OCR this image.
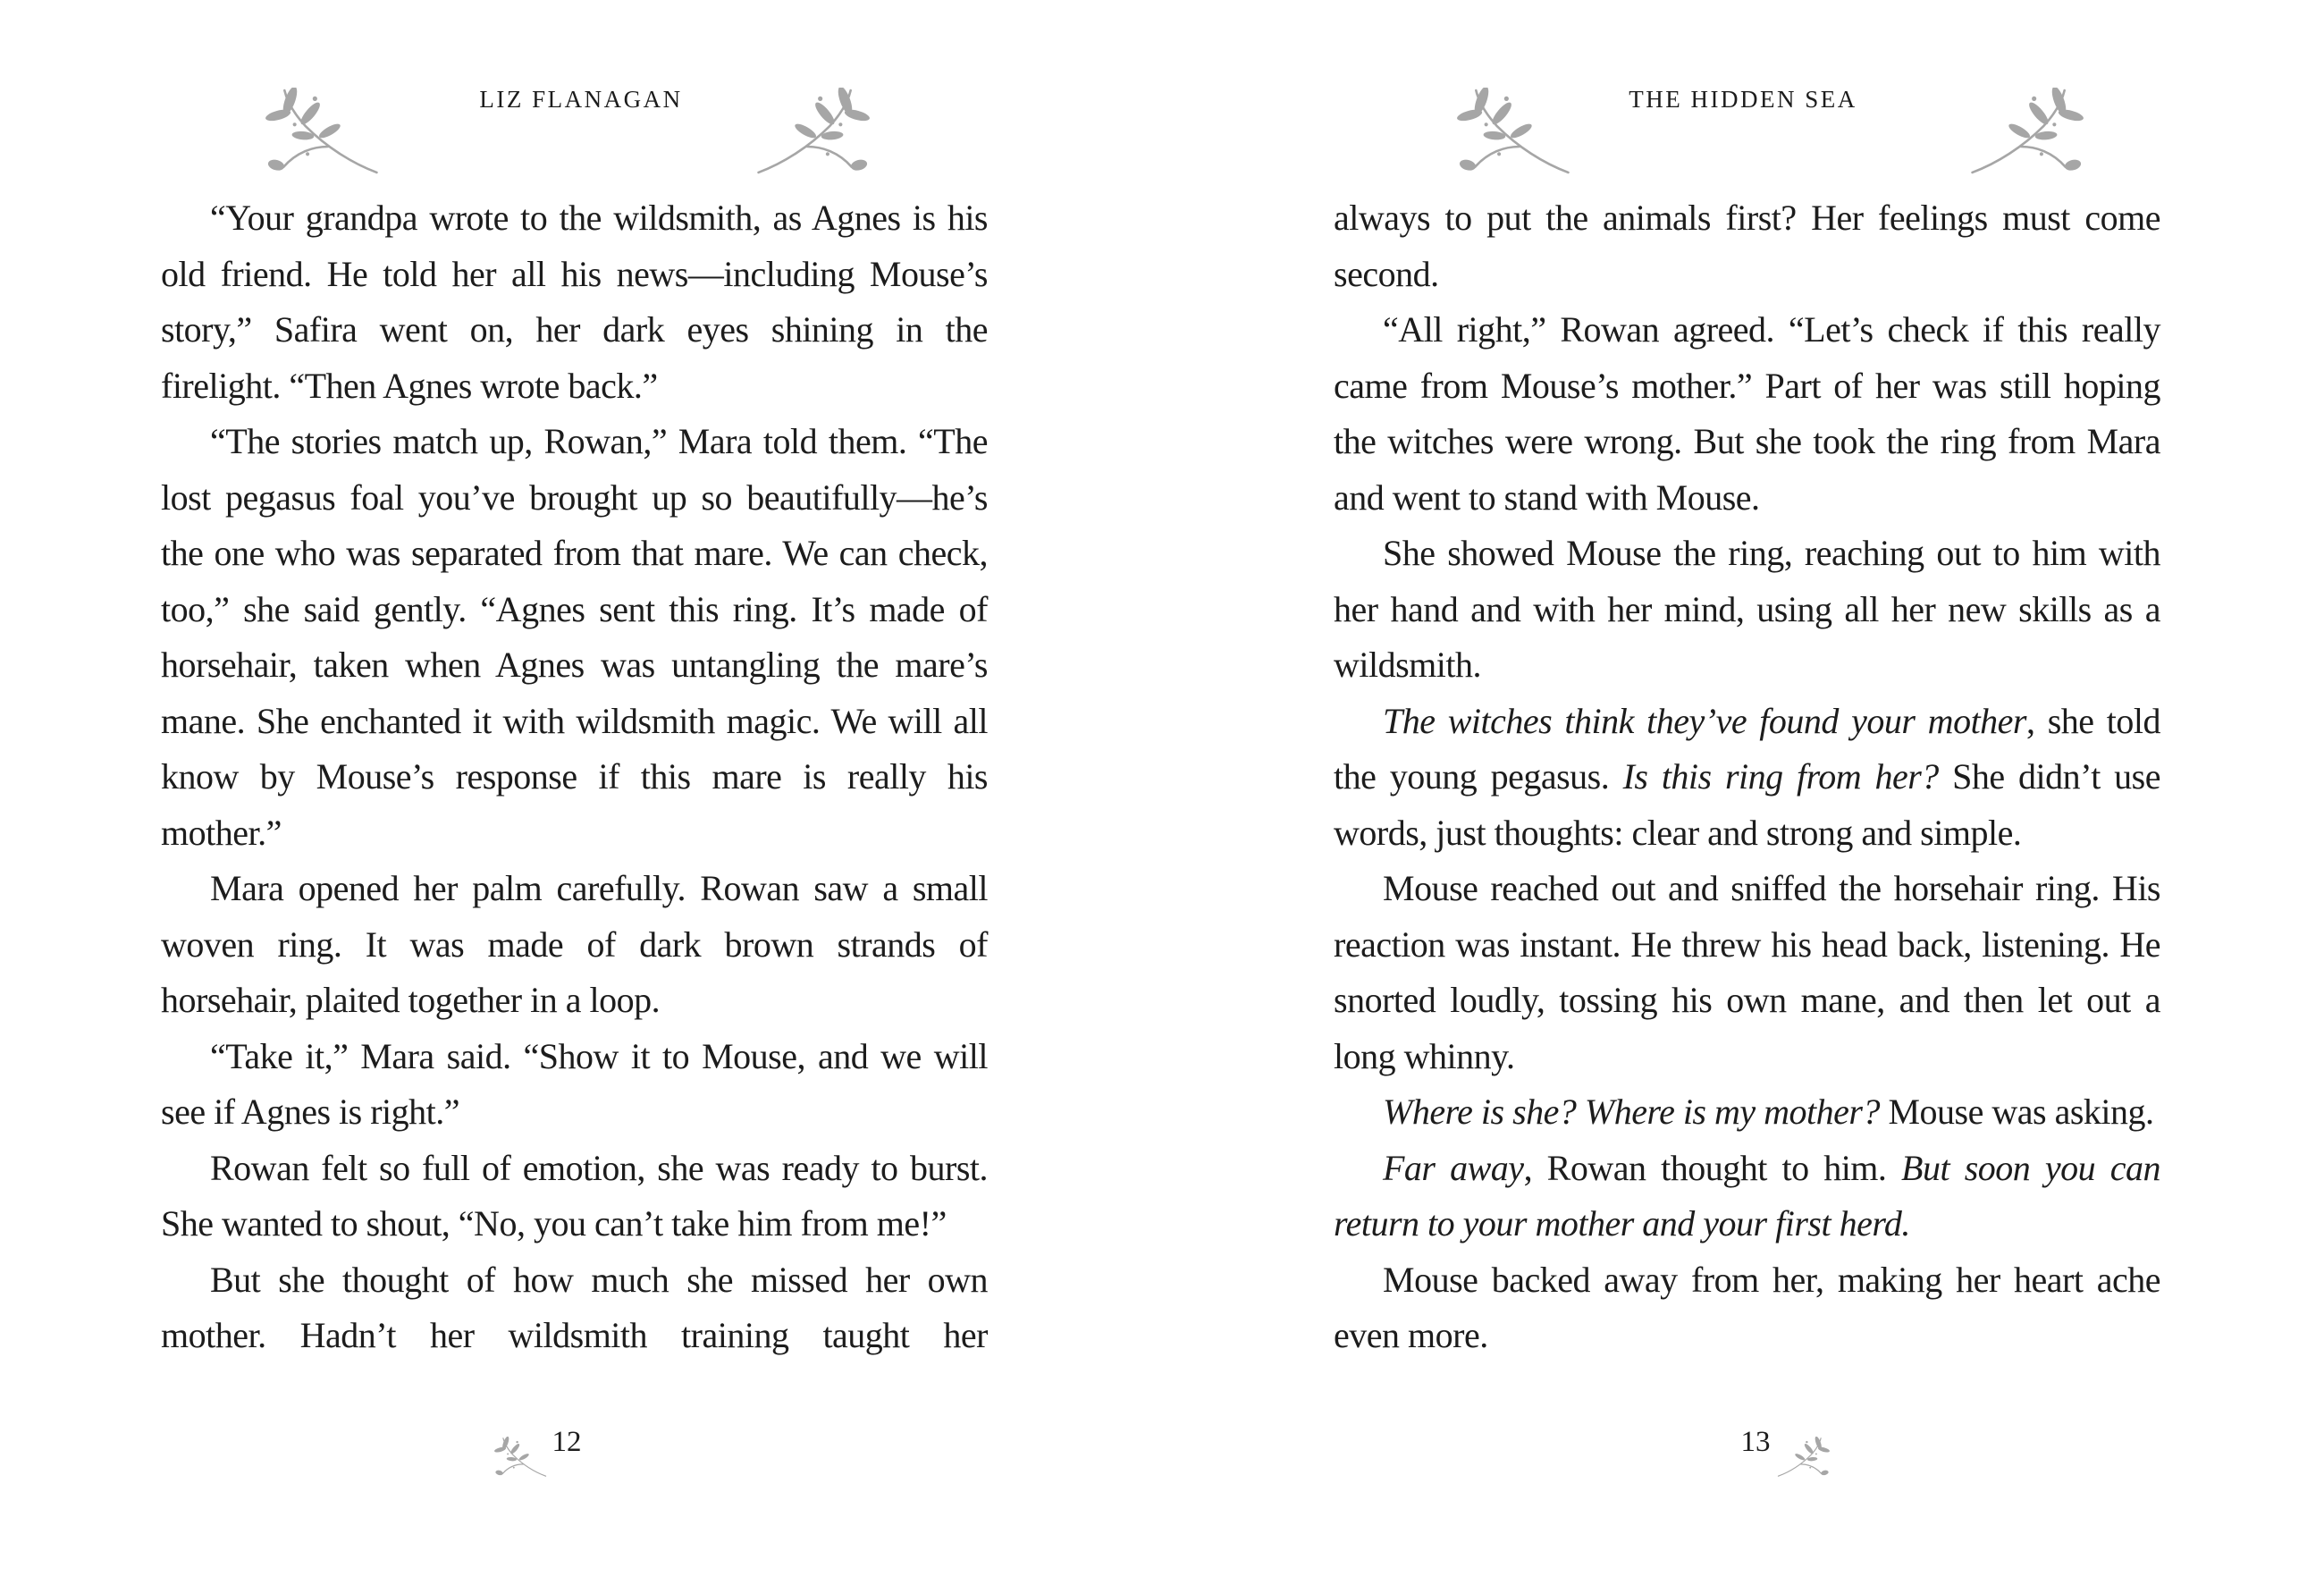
LIZ FLANAGAN

“Your grandpa wrote to the wildsmith, as Agnes is his old friend. He told her all his news—including Mouse’s story,” Safira went on, her dark eyes shining in the firelight. “Then Agnes wrote back.”

“The stories match up, Rowan,” Mara told them. “The lost pegasus foal you’ve brought up so beautifully—he’s the one who was separated from that mare. We can check, too,” she said gently. “Agnes sent this ring. It’s made of horsehair, taken when Agnes was untangling the mare’s mane. She enchanted it with wildsmith magic. We will all know by Mouse’s response if this mare is really his mother.”

Mara opened her palm carefully. Rowan saw a small woven ring. It was made of dark brown strands of horsehair, plaited together in a loop.

“Take it,” Mara said. “Show it to Mouse, and we will see if Agnes is right.”

Rowan felt so full of emotion, she was ready to burst. She wanted to shout, “No, you can’t take him from me!”

But she thought of how much she missed her own mother. Hadn’t her wildsmith training taught her

12
THE HIDDEN SEA

always to put the animals first? Her feelings must come second.

“All right,” Rowan agreed. “Let’s check if this really came from Mouse’s mother.” Part of her was still hoping the witches were wrong. But she took the ring from Mara and went to stand with Mouse.

She showed Mouse the ring, reaching out to him with her hand and with her mind, using all her new skills as a wildsmith.

The witches think they’ve found your mother, she told the young pegasus. Is this ring from her? She didn’t use words, just thoughts: clear and strong and simple.

Mouse reached out and sniffed the horsehair ring. His reaction was instant. He threw his head back, listening. He snorted loudly, tossing his own mane, and then let out a long whinny.

Where is she? Where is my mother? Mouse was asking.

Far away, Rowan thought to him. But soon you can return to your mother and your first herd.

Mouse backed away from her, making her heart ache even more.

13
